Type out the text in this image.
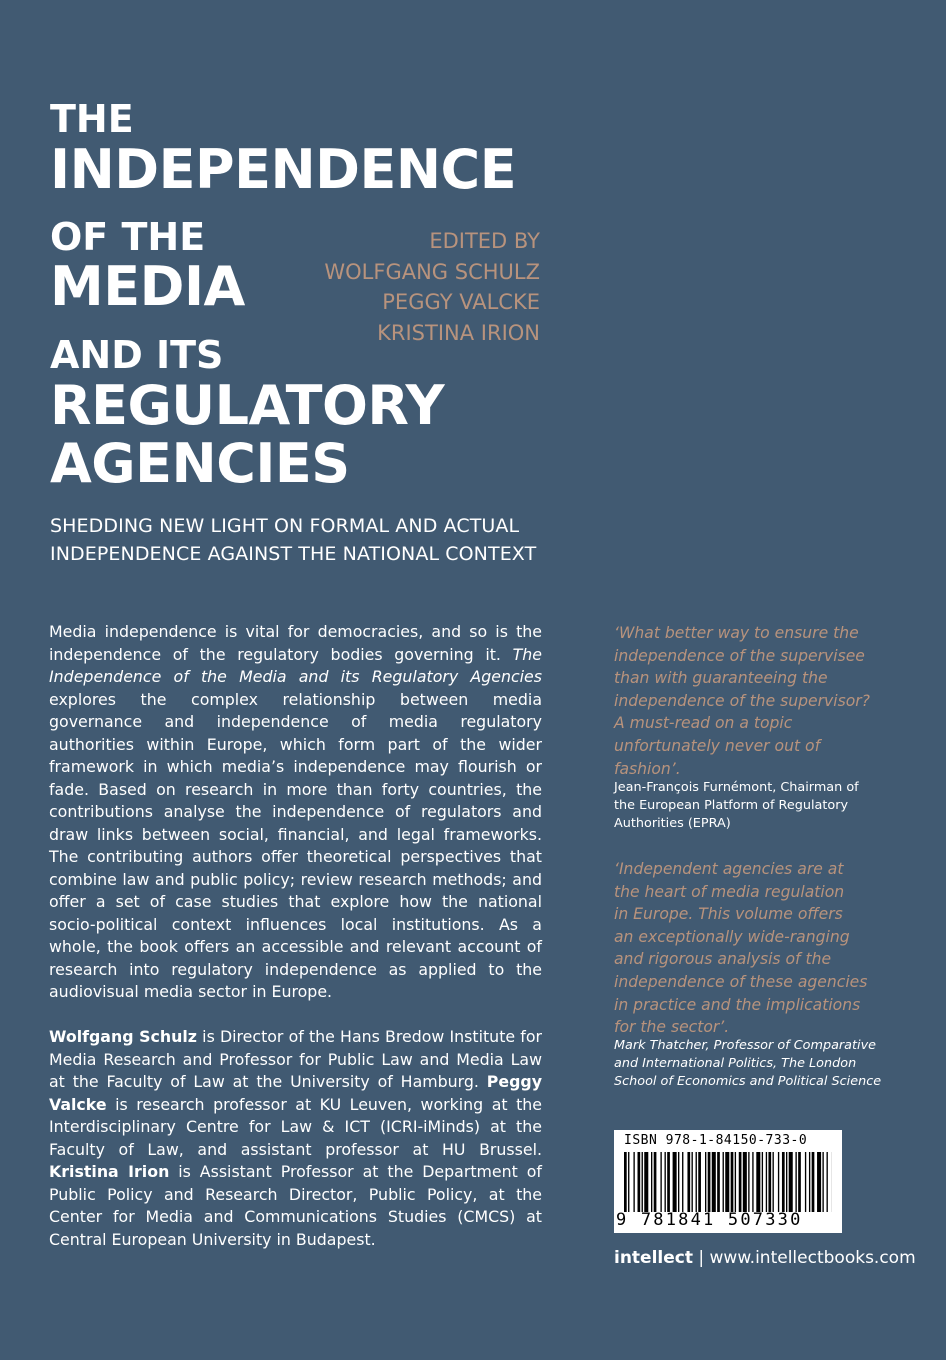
THE
INDEPENDENCE
OF THE
MEDIA
AND ITS
REGULATORY
AGENCIES
EDITED BY
WOLFGANG SCHULZ
PEGGY VALCKE
KRISTINA IRION
SHEDDING NEW LIGHT ON FORMAL AND ACTUAL
INDEPENDENCE AGAINST THE NATIONAL CONTEXT

Media independence is vital for democracies, and so is the independence of the regulatory bodies governing it. The Independence of the Media and its Regulatory Agencies explores the complex relationship between media governance and independence of media regulatory authorities within Europe, which form part of the wider framework in which media’s independence may flourish or fade. Based on research in more than forty countries, the contributions analyse the independence of regulators and draw links between social, financial, and legal frameworks. The contributing authors offer theoretical perspectives that combine law and public policy; review research methods; and offer a set of case studies that explore how the national socio-political context influences local institutions. As a whole, the book offers an accessible and relevant account of research into regulatory independence as applied to the audiovisual media sector in Europe.

Wolfgang Schulz is Director of the Hans Bredow Institute for Media Research and Professor for Public Law and Media Law at the Faculty of Law at the University of Hamburg. Peggy Valcke is research professor at KU Leuven, working at the Interdisciplinary Centre for Law & ICT (ICRI-iMinds) at the Faculty of Law, and assistant professor at HU Brussel. Kristina Irion is Assistant Professor at the Department of Public Policy and Research Director, Public Policy, at the Center for Media and Communications Studies (CMCS) at Central European University in Budapest.

‘What better way to ensure the
independence of the supervisee
than with guaranteeing the
independence of the supervisor?
A must-read on a topic
unfortunately never out of
fashion’.
Jean-François Furnémont, Chairman of
the European Platform of Regulatory
Authorities (EPRA)
‘Independent agencies are at
the heart of media regulation
in Europe. This volume offers
an exceptionally wide-ranging
and rigorous analysis of the
independence of these agencies
in practice and the implications
for the sector’.
Mark Thatcher, Professor of Comparative
and International Politics, The London
School of Economics and Political Science
ISBN 978-1-84150-733-0
9 781841 507330
intellect | www.intellectbooks.com
